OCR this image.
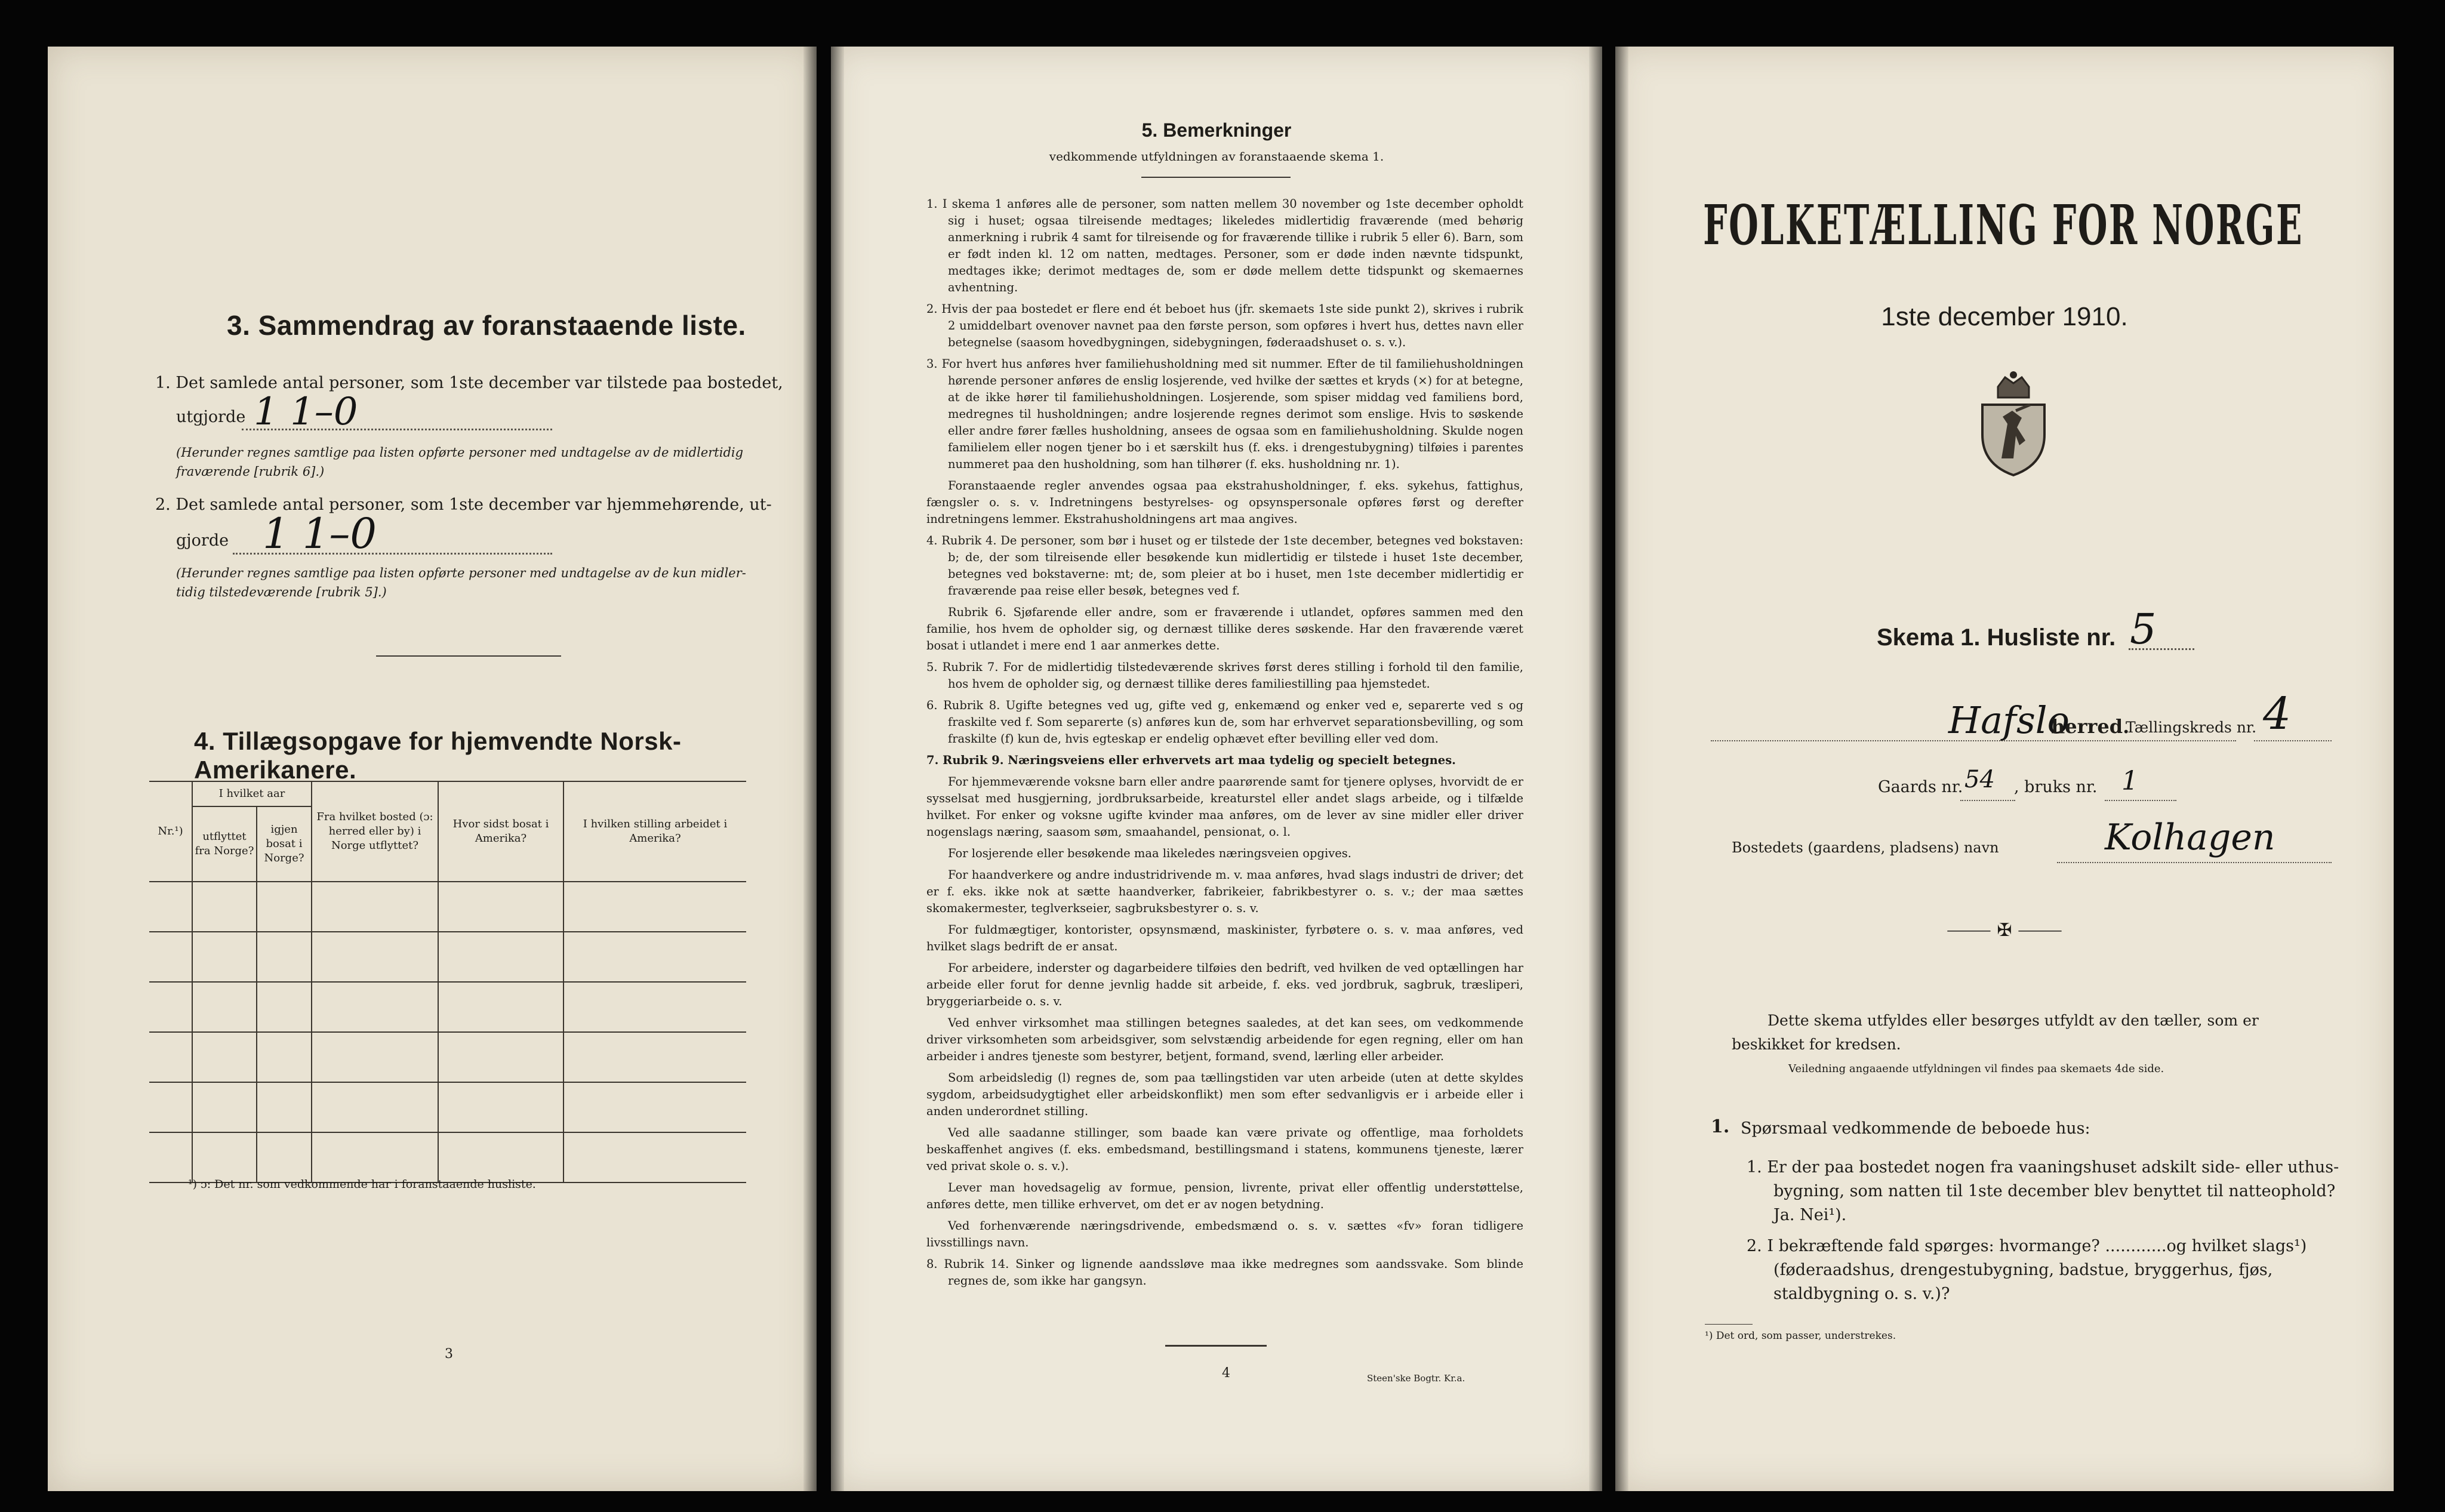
3. Sammendrag av foranstaaende liste.

1. Det samlede antal personer, som 1ste december var tilstede paa bostedet,

utgjorde 1 1–0

(Herunder regnes samtlige paa listen opførte personer med undtagelse av de midlertidig

fraværende [rubrik 6].)

2. Det samlede antal personer, som 1ste december var hjemmehørende, ut-

gjorde 1 1–0

(Herunder regnes samtlige paa listen opførte personer med undtagelse av de kun midler-

tidig tilstedeværende [rubrik 5].)

4. Tillægsopgave for hjemvendte Norsk-Amerikanere.
Nr.¹)	I hvilket aar		Fra hvilket bosted (ɔ: herred eller by) i Norge utflyttet?	Hvor sidst bosat i Amerika?	I hvilken stilling arbeidet i Amerika?
	utflyttet fra Norge?	igjen bosat i Norge?			

¹) ɔ: Det nr. som vedkommende har i foranstaaende husliste.

3

5. Bemerkninger

vedkommende utfyldningen av foranstaaende skema 1.

1. I skema 1 anføres alle de personer, som natten mellem 30 november og 1ste december opholdt sig i huset; ogsaa tilreisende medtages; likeledes midlertidig fraværende (med behørig anmerkning i rubrik 4 samt for tilreisende og for fraværende tillike i rubrik 5 eller 6). Barn, som er født inden kl. 12 om natten, medtages. Personer, som er døde inden nævnte tidspunkt, medtages ikke; derimot medtages de, som er døde mellem dette tidspunkt og skemaernes avhentning.

2. Hvis der paa bostedet er flere end ét beboet hus (jfr. skemaets 1ste side punkt 2), skrives i rubrik 2 umiddelbart ovenover navnet paa den første person, som opføres i hvert hus, dettes navn eller betegnelse (saasom hovedbygningen, sidebygningen, føderaadshuset o. s. v.).

3. For hvert hus anføres hver familiehusholdning med sit nummer. Efter de til familiehusholdningen hørende personer anføres de enslig losjerende, ved hvilke der sættes et kryds (×) for at betegne, at de ikke hører til familiehusholdningen. Losjerende, som spiser middag ved familiens bord, medregnes til husholdningen; andre losjerende regnes derimot som enslige. Hvis to søskende eller andre fører fælles husholdning, ansees de ogsaa som en familiehusholdning. Skulde nogen familielem eller nogen tjener bo i et særskilt hus (f. eks. i drengestubygning) tilføies i parentes nummeret paa den husholdning, som han tilhører (f. eks. husholdning nr. 1).

Foranstaaende regler anvendes ogsaa paa ekstrahusholdninger, f. eks. sykehus, fattighus, fængsler o. s. v. Indretningens bestyrelses- og opsynspersonale opføres først og derefter indretningens lemmer. Ekstrahusholdningens art maa angives.

4. Rubrik 4. De personer, som bør i huset og er tilstede der 1ste december, betegnes ved bokstaven: b; de, der som tilreisende eller besøkende kun midlertidig er tilstede i huset 1ste december, betegnes ved bokstaverne: mt; de, som pleier at bo i huset, men 1ste december midlertidig er fraværende paa reise eller besøk, betegnes ved f.

Rubrik 6. Sjøfarende eller andre, som er fraværende i utlandet, opføres sammen med den familie, hos hvem de opholder sig, og dernæst tillike deres søskende. Har den fraværende været bosat i utlandet i mere end 1 aar anmerkes dette.

5. Rubrik 7. For de midlertidig tilstedeværende skrives først deres stilling i forhold til den familie, hos hvem de opholder sig, og dernæst tillike deres familiestilling paa hjemstedet.

6. Rubrik 8. Ugifte betegnes ved ug, gifte ved g, enkemænd og enker ved e, separerte ved s og fraskilte ved f. Som separerte (s) anføres kun de, som har erhvervet separationsbevilling, og som fraskilte (f) kun de, hvis egteskap er endelig ophævet efter bevilling eller ved dom.

7. Rubrik 9. Næringsveiens eller erhvervets art maa tydelig og specielt betegnes.

For hjemmeværende voksne barn eller andre paarørende samt for tjenere oplyses, hvorvidt de er sysselsat med husgjerning, jordbruksarbeide, kreaturstel eller andet slags arbeide, og i tilfælde hvilket. For enker og voksne ugifte kvinder maa anføres, om de lever av sine midler eller driver nogenslags næring, saasom søm, smaahandel, pensionat, o. l.

For losjerende eller besøkende maa likeledes næringsveien opgives.

For haandverkere og andre industridrivende m. v. maa anføres, hvad slags industri de driver; det er f. eks. ikke nok at sætte haandverker, fabrikeier, fabrikbestyrer o. s. v.; der maa sættes skomakermester, teglverkseier, sagbruksbestyrer o. s. v.

For fuldmægtiger, kontorister, opsynsmænd, maskinister, fyrbøtere o. s. v. maa anføres, ved hvilket slags bedrift de er ansat.

For arbeidere, inderster og dagarbeidere tilføies den bedrift, ved hvilken de ved optællingen har arbeide eller forut for denne jevnlig hadde sit arbeide, f. eks. ved jordbruk, sagbruk, træsliperi, bryggeriarbeide o. s. v.

Ved enhver virksomhet maa stillingen betegnes saaledes, at det kan sees, om vedkommende driver virksomheten som arbeidsgiver, som selvstændig arbeidende for egen regning, eller om han arbeider i andres tjeneste som bestyrer, betjent, formand, svend, lærling eller arbeider.

Som arbeidsledig (l) regnes de, som paa tællingstiden var uten arbeide (uten at dette skyldes sygdom, arbeidsudygtighet eller arbeidskonflikt) men som efter sedvanligvis er i arbeide eller i anden underordnet stilling.

Ved alle saadanne stillinger, som baade kan være private og offentlige, maa forholdets beskaffenhet angives (f. eks. embedsmand, bestillingsmand i statens, kommunens tjeneste, lærer ved privat skole o. s. v.).

Lever man hovedsagelig av formue, pension, livrente, privat eller offentlig understøttelse, anføres dette, men tillike erhvervet, om det er av nogen betydning.

Ved forhenværende næringsdrivende, embedsmænd o. s. v. sættes «fv» foran tidligere livsstillings navn.

8. Rubrik 14. Sinker og lignende aandssløve maa ikke medregnes som aandssvake. Som blinde regnes de, som ikke har gangsyn.

4	Steen'ske Bogtr. Kr.a.

FOLKETÆLLING FOR NORGE

1ste december 1910.

Skema 1. Husliste nr. 5

Hafslo

herred.

Tællingskreds nr. 4

Gaards nr. 54 , bruks nr. 1

Bostedets (gaardens, pladsens) navn	Kolhagen

⸻ ✠ ⸻

Dette skema utfyldes eller besørges utfyldt av den tæller, som er beskikket for kredsen.

Veiledning angaaende utfyldningen vil findes paa skemaets 4de side.

1. Spørsmaal vedkommende de beboede hus:

1. Er der paa bostedet nogen fra vaaningshuset adskilt side- eller uthus-bygning, som natten til 1ste december blev benyttet til natteophold? Ja. Nei¹).

2. I bekræftende fald spørges: hvormange? ............og hvilket slags¹) (føderaadshus, drengestubygning, badstue, bryggerhus, fjøs, staldbygning o. s. v.)?

¹) Det ord, som passer, understrekes.
